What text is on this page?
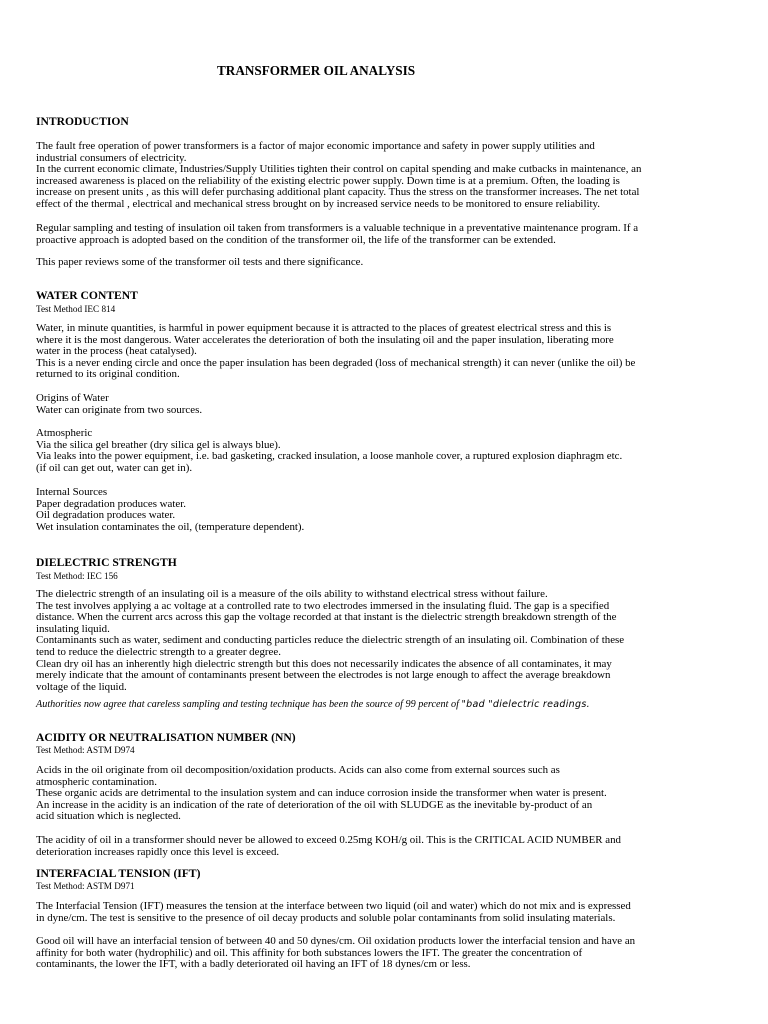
TRANSFORMER OIL ANALYSIS
INTRODUCTION
The fault free operation of power transformers is a factor of major economic importance and safety in power supply utilities and
industrial consumers of electricity.
In the current economic climate, Industries/Supply Utilities tighten their control on capital spending and make cutbacks in maintenance, an
increased awareness is placed on the reliability of the existing electric power supply. Down time is at a premium. Often, the loading is
increase on present units , as this will defer purchasing additional plant capacity. Thus the stress on the transformer increases. The net total
effect of the thermal , electrical and mechanical stress brought on by increased service needs to be monitored to ensure reliability.
Regular sampling and testing of insulation oil taken from transformers is a valuable technique in a preventative maintenance program. If a
proactive approach is adopted based on the condition of the transformer oil, the life of the transformer can be extended.
This paper reviews some of the transformer oil tests and there significance.
WATER CONTENT
Test Method IEC 814
Water, in minute quantities, is harmful in power equipment because it is attracted to the places of greatest electrical stress and this is
where it is the most dangerous. Water accelerates the deterioration of both the insulating oil and the paper insulation, liberating more
water in the process (heat catalysed).
This is a never ending circle and once the paper insulation has been degraded (loss of mechanical strength) it can never (unlike the oil) be
returned to its original condition.
Origins of Water
Water can originate from two sources.
Atmospheric
Via the silica gel breather (dry silica gel is always blue).
Via leaks into the power equipment, i.e. bad gasketing, cracked insulation, a loose manhole cover, a ruptured explosion diaphragm etc.
(if oil can get out, water can get in).
Internal Sources
Paper degradation produces water.
Oil degradation produces water.
Wet insulation contaminates the oil, (temperature dependent).
DIELECTRIC STRENGTH
Test Method: IEC 156
The dielectric strength of an insulating oil is a measure of the oils ability to withstand electrical stress without failure.
The test involves applying a ac voltage at a controlled rate to two electrodes immersed in the insulating fluid. The gap is a specified
distance. When the current arcs across this gap the voltage recorded at that instant is the dielectric strength breakdown strength of the
insulating liquid.
Contaminants such as water, sediment and conducting particles reduce the dielectric strength of an insulating oil. Combination of these
tend to reduce the dielectric strength to a greater degree.
Clean dry oil has an inherently high dielectric strength but this does not necessarily indicates the absence of all contaminates, it may
merely indicate that the amount of contaminants present between the electrodes is not large enough to affect the average breakdown
voltage of the liquid.
Authorities now agree that careless sampling and testing technique has been the source of 99 percent of "bad "dielectric readings.
ACIDITY OR NEUTRALISATION NUMBER (NN)
Test Method: ASTM D974
Acids in the oil originate from oil decomposition/oxidation products. Acids can also come from external sources such as
atmospheric contamination.
These organic acids are detrimental to the insulation system and can induce corrosion inside the transformer when water is present.
An increase in the acidity is an indication of the rate of deterioration of the oil with SLUDGE as the inevitable by-product of an
acid situation which is neglected.
The acidity of oil in a transformer should never be allowed to exceed 0.25mg KOH/g oil. This is the CRITICAL ACID NUMBER and
deterioration increases rapidly once this level is exceed.
INTERFACIAL TENSION (IFT)
Test Method: ASTM D971
The Interfacial Tension (IFT) measures the tension at the interface between two liquid (oil and water) which do not mix and is expressed
in dyne/cm. The test is sensitive to the presence of oil decay products and soluble polar contaminants from solid insulating materials.
Good oil will have an interfacial tension of between 40 and 50 dynes/cm. Oil oxidation products lower the interfacial tension and have an
affinity for both water (hydrophilic) and oil. This affinity for both substances lowers the IFT. The greater the concentration of
contaminants, the lower the IFT, with a badly deteriorated oil having an IFT of 18 dynes/cm or less.
